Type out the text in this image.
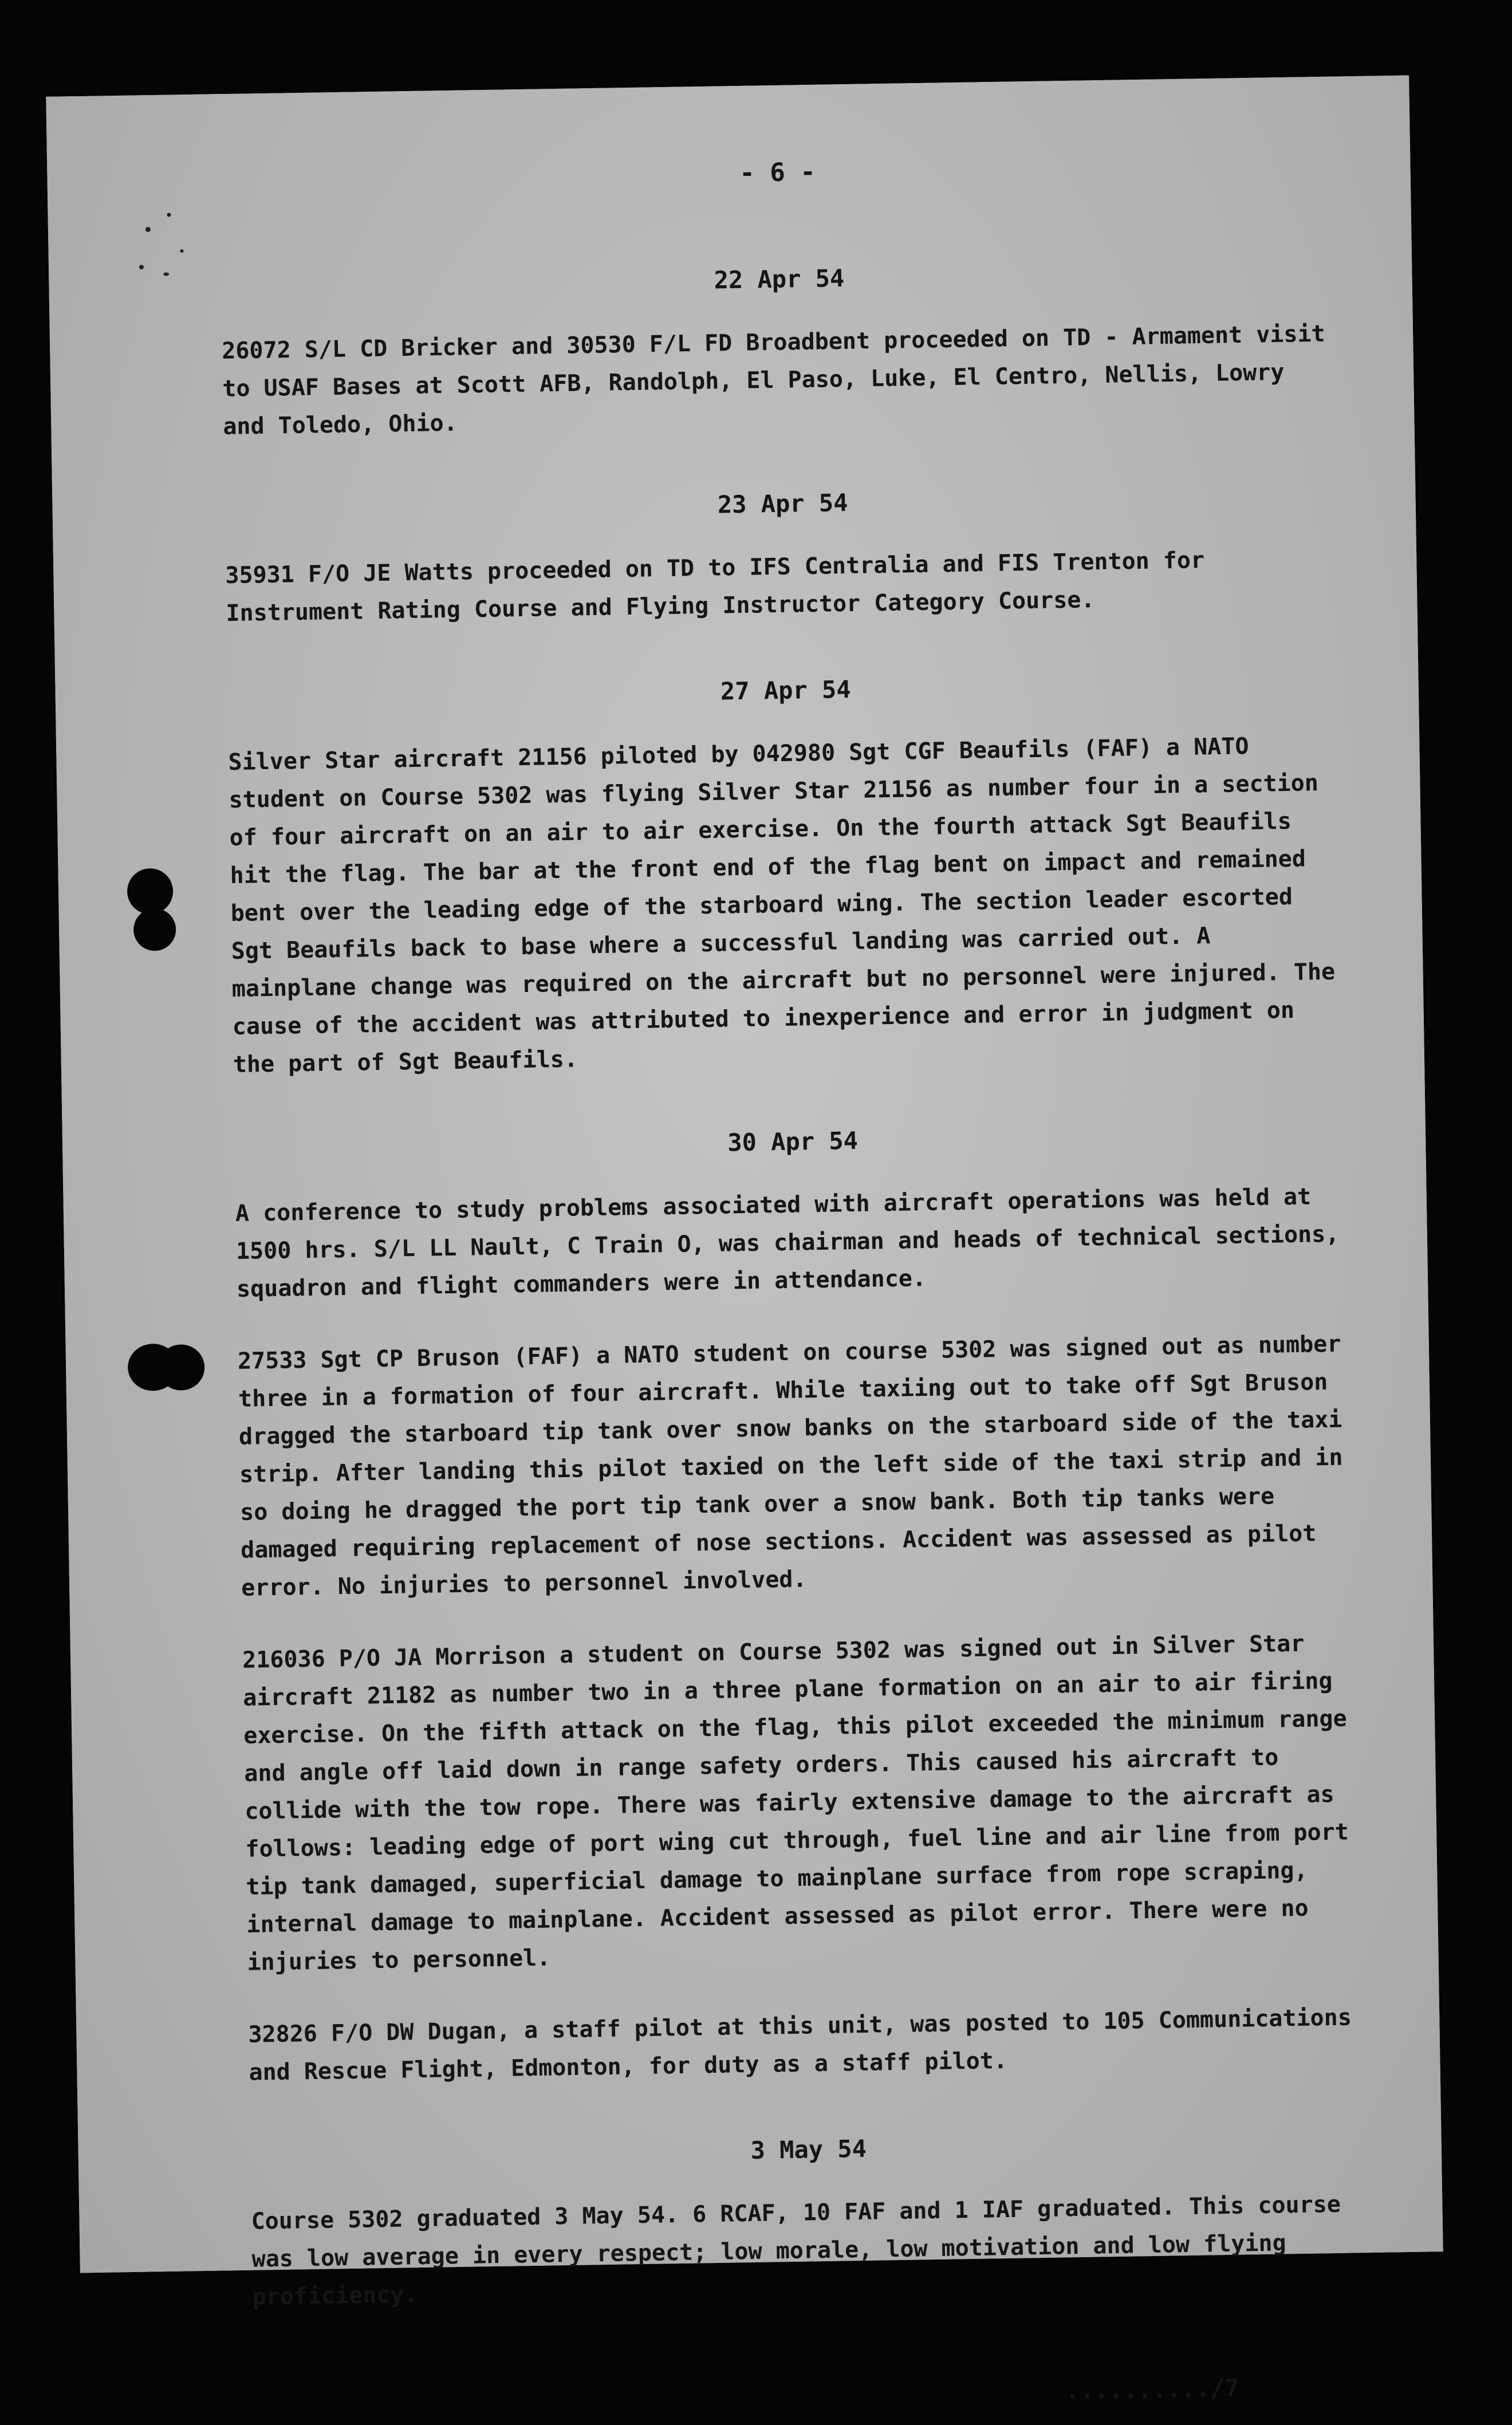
- 6 -
22 Apr 54

26072 S/L CD Bricker and 30530 F/L FD Broadbent proceeded on TD - Armament visit to USAF Bases at Scott AFB, Randolph, El Paso, Luke, El Centro, Nellis, Lowry and Toledo, Ohio.

23 Apr 54

35931 F/O JE Watts proceeded on TD to IFS Centralia and FIS Trenton for Instrument Rating Course and Flying Instructor Category Course.

27 Apr 54

Silver Star aircraft 21156 piloted by 042980 Sgt CGF Beaufils (FAF) a NATO student on Course 5302 was flying Silver Star 21156 as number four in a section of four aircraft on an air to air exercise. On the fourth attack Sgt Beaufils hit the flag. The bar at the front end of the flag bent on impact and remained bent over the leading edge of the starboard wing. The section leader escorted Sgt Beaufils back to base where a successful landing was carried out. A mainplane change was required on the aircraft but no personnel were injured. The cause of the accident was attributed to inexperience and error in judgment on the part of Sgt Beaufils.

30 Apr 54

A conference to study problems associated with aircraft operations was held at 1500 hrs. S/L LL Nault, C Train O, was chairman and heads of technical sections, squadron and flight commanders were in attendance.

27533 Sgt CP Bruson (FAF) a NATO student on course 5302 was signed out as number three in a formation of four aircraft. While taxiing out to take off Sgt Bruson dragged the starboard tip tank over snow banks on the starboard side of the taxi strip. After landing this pilot taxied on the left side of the taxi strip and in so doing he dragged the port tip tank over a snow bank. Both tip tanks were damaged requiring replacement of nose sections. Accident was assessed as pilot error. No injuries to personnel involved.

216036 P/O JA Morrison a student on Course 5302 was signed out in Silver Star aircraft 21182 as number two in a three plane formation on an air to air firing exercise. On the fifth attack on the flag, this pilot exceeded the minimum range and angle off laid down in range safety orders. This caused his aircraft to collide with the tow rope. There was fairly extensive damage to the aircraft as follows: leading edge of port wing cut through, fuel line and air line from port tip tank damaged, superficial damage to mainplane surface from rope scraping, internal damage to mainplane. Accident assessed as pilot error. There were no injuries to personnel.

32826 F/O DW Dugan, a staff pilot at this unit, was posted to 105 Communications and Rescue Flight, Edmonton, for duty as a staff pilot.

3 May 54

Course 5302 graduated 3 May 54. 6 RCAF, 10 FAF and 1 IAF graduated. This course was low average in every respect; low morale, low motivation and low flying proficiency.

........../7
